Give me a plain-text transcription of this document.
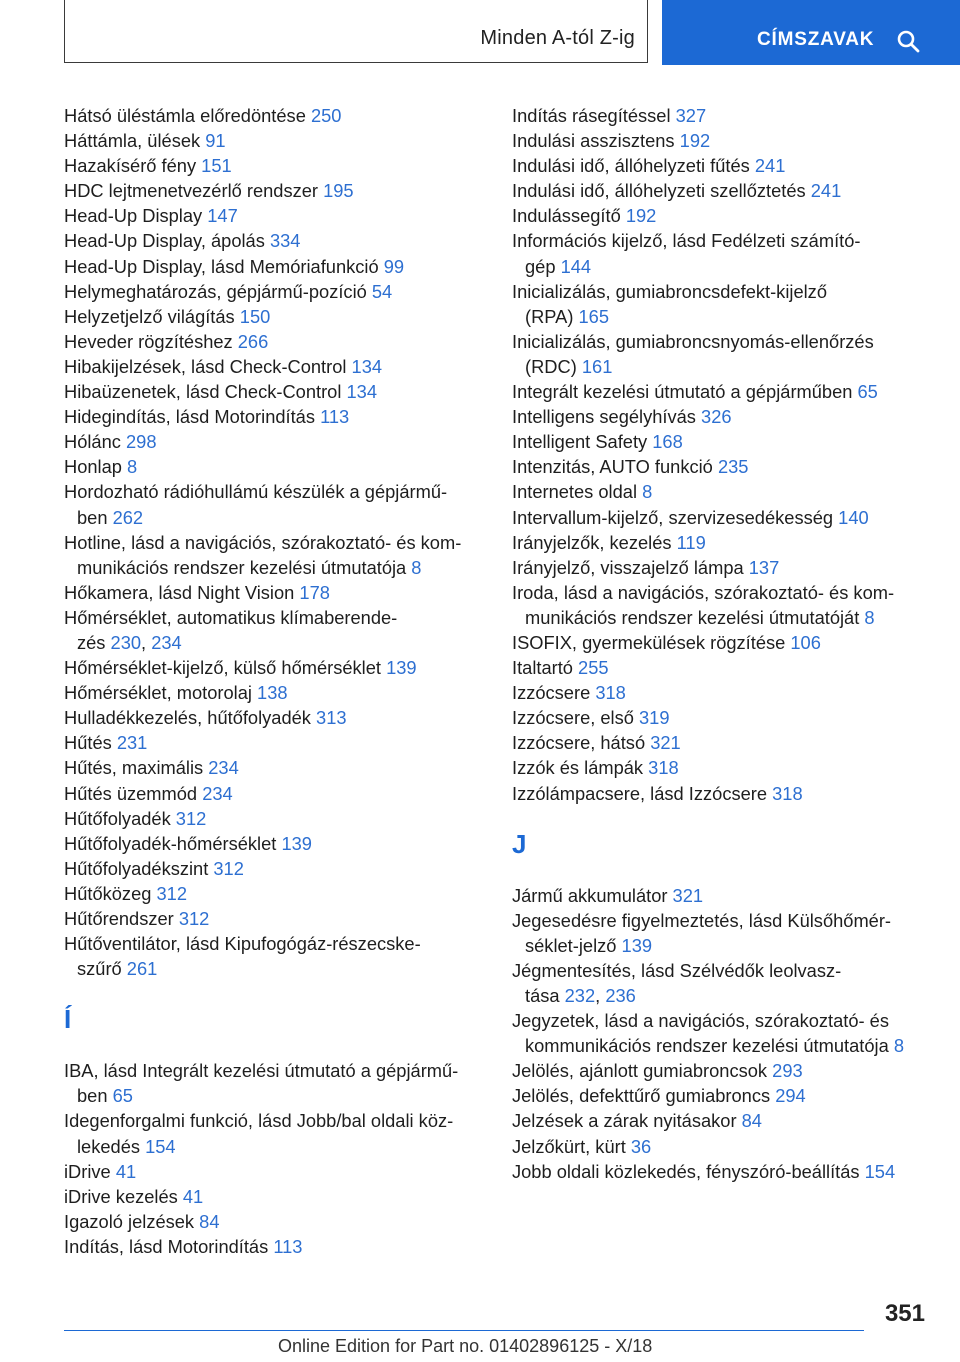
Minden A-tól Z-ig	CÍMSZAVAK
Hátsó üléstámla előredöntése 250
Háttámla, ülések 91
Hazakísérő fény 151
HDC lejtmenetvezérlő rendszer 195
Head-Up Display 147
Head-Up Display, ápolás 334
Head-Up Display, lásd Memóriafunkció 99
Helymeghatározás, gépjármű-pozíció 54
Helyzetjelző világítás 150
Heveder rögzítéshez 266
Hibakijelzések, lásd Check-Control 134
Hibaüzenetek, lásd Check-Control 134
Hidegindítás, lásd Motorindítás 113
Hólánc 298
Honlap 8
Hordozható rádióhullámú készülék a gépjármű-
ben 262
Hotline, lásd a navigációs, szórakoztató- és kom-
munikációs rendszer kezelési útmutatója 8
Hőkamera, lásd Night Vision 178
Hőmérséklet, automatikus klímaberende-
zés 230, 234
Hőmérséklet-kijelző, külső hőmérséklet 139
Hőmérséklet, motorolaj 138
Hulladékkezelés, hűtőfolyadék 313
Hűtés 231
Hűtés, maximális 234
Hűtés üzemmód 234
Hűtőfolyadék 312
Hűtőfolyadék-hőmérséklet 139
Hűtőfolyadékszint 312
Hűtőközeg 312
Hűtőrendszer 312
Hűtőventilátor, lásd Kipufogógáz-részecske-
szűrő 261
Í
IBA, lásd Integrált kezelési útmutató a gépjármű-
ben 65
Idegenforgalmi funkció, lásd Jobb/bal oldali köz-
lekedés 154
iDrive 41
iDrive kezelés 41
Igazoló jelzések 84
Indítás, lásd Motorindítás 113
Indítás rásegítéssel 327
Indulási asszisztens 192
Indulási idő, állóhelyzeti fűtés 241
Indulási idő, állóhelyzeti szellőztetés 241
Indulássegítő 192
Információs kijelző, lásd Fedélzeti számító-
gép 144
Inicializálás, gumiabroncsdefekt-kijelző
(RPA) 165
Inicializálás, gumiabroncsnyomás-ellenőrzés
(RDC) 161
Integrált kezelési útmutató a gépjárműben 65
Intelligens segélyhívás 326
Intelligent Safety 168
Intenzitás, AUTO funkció 235
Internetes oldal 8
Intervallum-kijelző, szervizesedékesség 140
Irányjelzők, kezelés 119
Irányjelző, visszajelző lámpa 137
Iroda, lásd a navigációs, szórakoztató- és kom-
munikációs rendszer kezelési útmutatóját 8
ISOFIX, gyermekülések rögzítése 106
Italtartó 255
Izzócsere 318
Izzócsere, első 319
Izzócsere, hátsó 321
Izzók és lámpák 318
Izzólámpacsere, lásd Izzócsere 318
J
Jármű akkumulátor 321
Jegesedésre figyelmeztetés, lásd Külsőhőmér-
séklet-jelző 139
Jégmentesítés, lásd Szélvédők leolvasz-
tása 232, 236
Jegyzetek, lásd a navigációs, szórakoztató- és
kommunikációs rendszer kezelési útmutatója 8
Jelölés, ajánlott gumiabroncsok 293
Jelölés, defekttűrő gumiabroncs 294
Jelzések a zárak nyitásakor 84
Jelzőkürt, kürt 36
Jobb oldali közlekedés, fényszóró-beállítás 154
351
Online Edition for Part no. 01402896125 - X/18
